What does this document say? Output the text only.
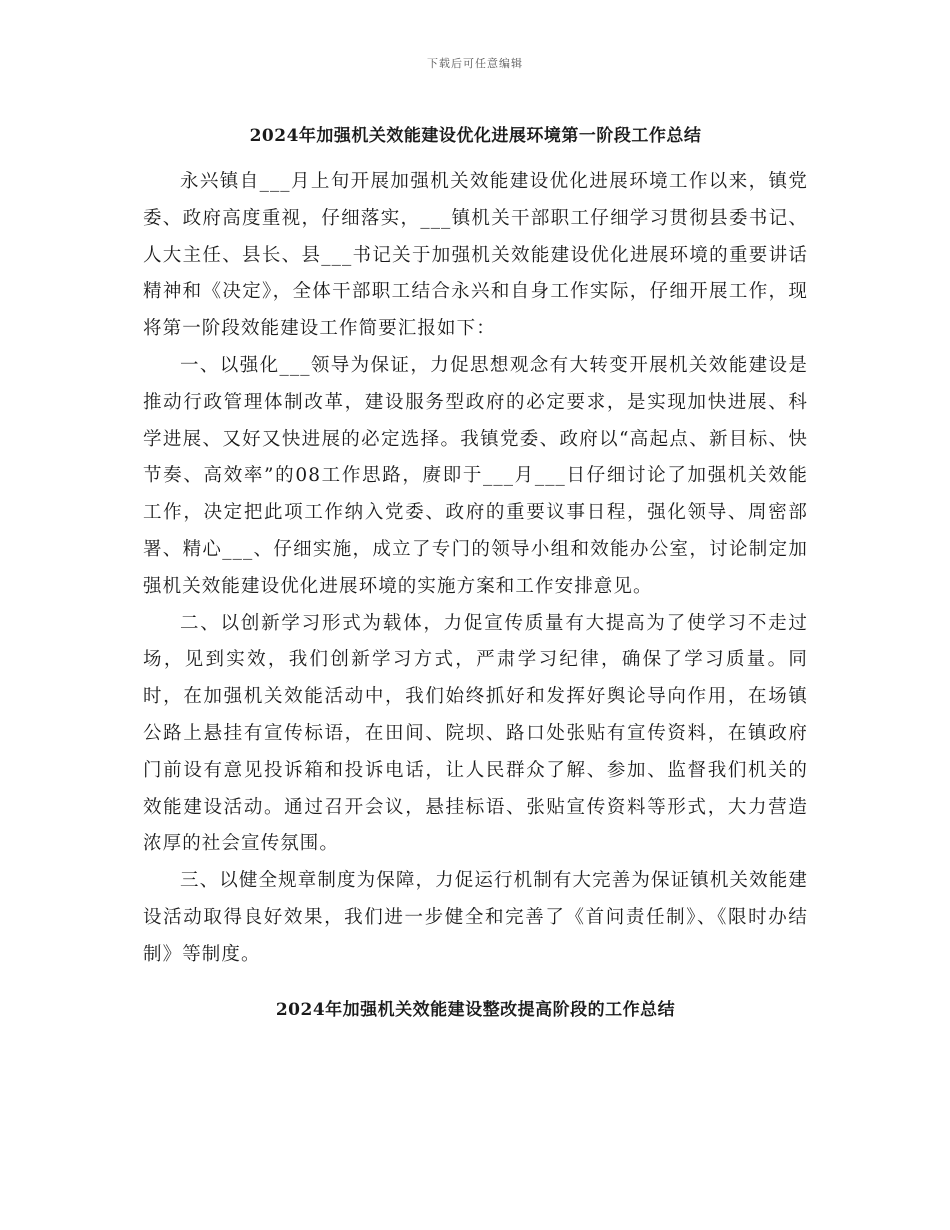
下载后可任意编辑
2024年加强机关效能建设优化进展环境第一阶段工作总结

永兴镇自___月上旬开展加强机关效能建设优化进展环境工作以来，镇党委、政府高度重视，仔细落实，___镇机关干部职工仔细学习贯彻县委书记、人大主任、县长、县___书记关于加强机关效能建设优化进展环境的重要讲话精神和《决定》，全体干部职工结合永兴和自身工作实际，仔细开展工作，现将第一阶段效能建设工作简要汇报如下：

一、以强化___领导为保证，力促思想观念有大转变开展机关效能建设是推动行政管理体制改革，建设服务型政府的必定要求，是实现加快进展、科学进展、又好又快进展的必定选择。我镇党委、政府以“高起点、新目标、快节奏、高效率”的08工作思路，赓即于___月___日仔细讨论了加强机关效能工作，决定把此项工作纳入党委、政府的重要议事日程，强化领导、周密部署、精心___、仔细实施，成立了专门的领导小组和效能办公室，讨论制定加强机关效能建设优化进展环境的实施方案和工作安排意见。

二、以创新学习形式为载体，力促宣传质量有大提高为了使学习不走过场，见到实效，我们创新学习方式，严肃学习纪律，确保了学习质量。同时，在加强机关效能活动中，我们始终抓好和发挥好舆论导向作用，在场镇公路上悬挂有宣传标语，在田间、院坝、路口处张贴有宣传资料，在镇政府门前设有意见投诉箱和投诉电话，让人民群众了解、参加、监督我们机关的效能建设活动。通过召开会议，悬挂标语、张贴宣传资料等形式，大力营造浓厚的社会宣传氛围。

三、以健全规章制度为保障，力促运行机制有大完善为保证镇机关效能建设活动取得良好效果，我们进一步健全和完善了《首问责任制》、《限时办结制》等制度。

2024年加强机关效能建设整改提高阶段的工作总结
